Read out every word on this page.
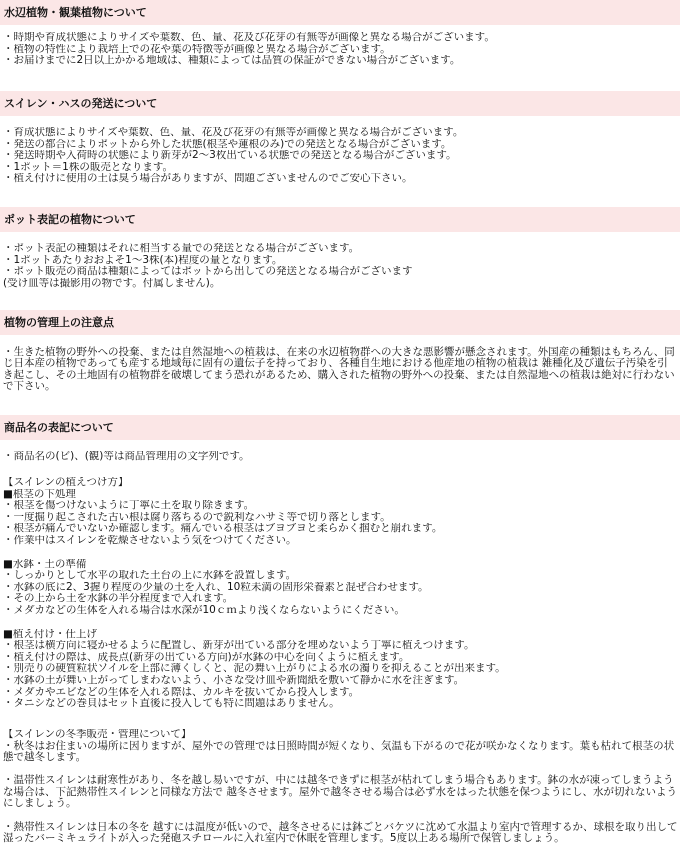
水辺植物・観葉植物について
・時期や育成状態によりサイズや葉数、色、量、花及び花芽の有無等が画像と異なる場合がございます。
・植物の特性により栽培上での花や葉の特徴等が画像と異なる場合がございます。
・お届けまでに2日以上かかる地域は、種類によっては品質の保証ができない場合がございます。
スイレン・ハスの発送について
・育成状態によりサイズや葉数、色、量、花及び花芽の有無等が画像と異なる場合がございます。
・発送の都合によりポットから外した状態(根茎や蓮根のみ)での発送となる場合がございます。
・発送時期や入荷時の状態により新芽が2〜3枚出ている状態での発送となる場合がございます。
・1ポット＝1株の販売となります。
・植え付けに使用の土は臭う場合がありますが、問題ございませんのでご安心下さい。
ポット表記の植物について
・ポット表記の種類はそれに相当する量での発送となる場合がございます。
・1ポットあたりおおよそ1〜3株(本)程度の量となります。
・ポット販売の商品は種類によってはポットから出しての発送となる場合がございます
(受け皿等は撮影用の物です。付属しません)。
植物の管理上の注意点
・生きた植物の野外への投棄、または自然湿地への植栽は、在来の水辺植物群への大きな悪影響が懸念されます。外国産の種類はもちろん、同じ日本産の植物であっても産する地域毎に固有の遺伝子を持っており、各種自生地における他産地の植物の植栽は 雑種化及び遺伝子汚染を引き起こし、その土地固有の植物群を破壊してまう恐れがあるため、購入された植物の野外への投棄、または自然湿地への植栽は絶対に行わないで下さい。
商品名の表記について
・商品名の(ビ)、(観)等は商品管理用の文字列です。
【スイレンの植えつけ方】
■根茎の下処理
・根茎を傷つけないように丁寧に土を取り除きます。
・一度掘り起こされた古い根は腐り落ちるので鋭利なハサミ等で切り落とします。
・根茎が痛んでいないか確認します。痛んでいる根茎はブヨブヨと柔らかく掴むと崩れます。
・作業中はスイレンを乾燥させないよう気をつけてください。
■水鉢・土の準備
・しっかりとして水平の取れた土台の上に水鉢を設置します。
・水鉢の底に2、3握り程度の少量の土を入れ、10粒未満の固形栄養素と混ぜ合わせます。
・その上から土を水鉢の半分程度まで入れます。
・メダカなどの生体を入れる場合は水深が10ｃｍより浅くならないようにください。
■植え付け・仕上げ
・根茎は横方向に寝かせるように配置し、新芽が出ている部分を埋めないよう丁寧に植えつけます。
・植え付けの際は、成長点(新芽の出ている方向)が水鉢の中心を向くように植えます。
・別売りの硬質粒状ソイルを上部に薄くしくと、泥の舞い上がりによる水の濁りを抑えることが出来ます。
・水鉢の土が舞い上がってしまわないよう、小さな受け皿や新聞紙を敷いて静かに水を注ぎます。
・メダカやエビなどの生体を入れる際は、カルキを抜いてから投入します。
・タニシなどの巻貝はセット直後に投入しても特に問題はありません。
【スイレンの冬季販売・管理について】
・秋冬はお住まいの場所に因りますが、屋外での管理では日照時間が短くなり、気温も下がるので花が咲かなくなります。葉も枯れて根茎の状態で越冬します。
・温帯性スイレンは耐寒性があり、冬を越し易いですが、中には越冬できずに根茎が枯れてしまう場合もあります。鉢の水が凍ってしまうような場合は、下記熱帯性スイレンと同様な方法で 越冬させます。屋外で越冬させる場合は必ず水をはった状態を保つようにし、水が切れないようにしましょう。
・熱帯性スイレンは日本の冬を 越すには温度が低いので、越冬させるには鉢ごとバケツに沈めて水温より室内で管理するか、球根を取り出して湿ったバーミキュライトが入った発砲スチロールに入れ室内で休眠を管理します。5度以上ある場所で保管しましょう。
